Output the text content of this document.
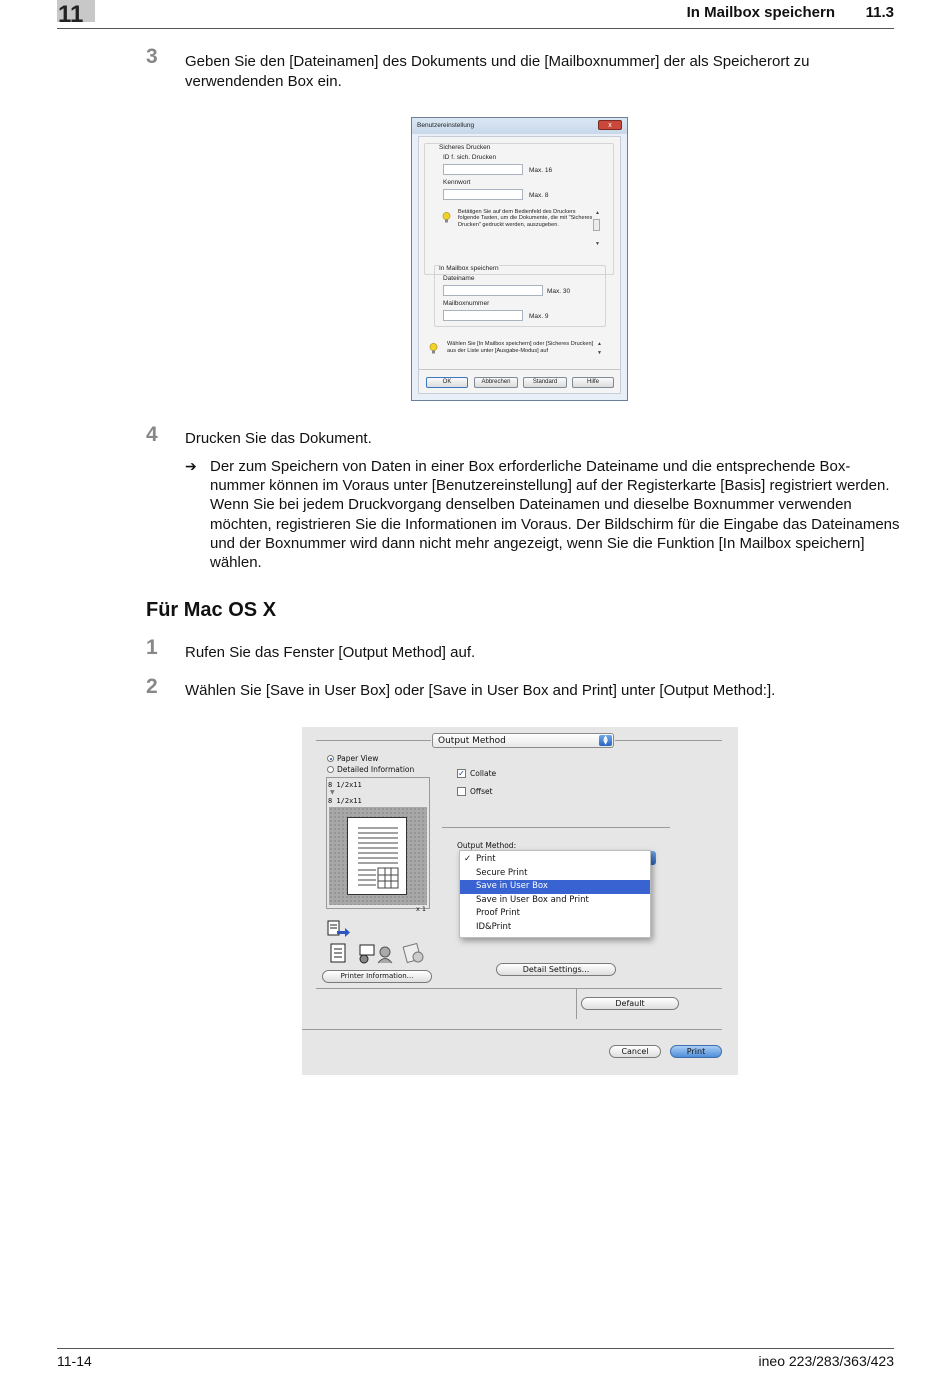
11	In Mailbox speichern 11.3
3 Geben Sie den [Dateinamen] des Dokuments und die [Mailboxnummer] der als Speicherort zu verwendenden Box ein.
Benutzereinstellung	x
Sicheres Drucken
ID f. sich. Drucken
Max. 16
Kennwort
Max. 8
Betätigen Sie auf dem Bedienfeld des Druckers folgende Tasten, um die Dokumente, die mit "Sicheres Drucken" gedruckt werden, auszugeben.
▲
▼
In Mailbox speichern
Dateiname
Max. 30
Mailboxnummer
Max. 9
Wählen Sie [In Mailbox speichern] oder [Sicheres Drucken] aus der Liste unter [Ausgabe-Modus] auf
▲
▼
OK	Abbrechen	Standard	Hilfe
4 Drucken Sie das Dokument.
➔ Der zum Speichern von Daten in einer Box erforderliche Dateiname und die entsprechende Box-nummer können im Voraus unter [Benutzereinstellung] auf der Registerkarte [Basis] registriert werden. Wenn Sie bei jedem Druckvorgang denselben Dateinamen und dieselbe Boxnummer verwenden möchten, registrieren Sie die Informationen im Voraus. Der Bildschirm für die Eingabe das Dateinamens und der Boxnummer wird dann nicht mehr angezeigt, wenn Sie die Funktion [In Mailbox speichern] wählen.
Für Mac OS X
1 Rufen Sie das Fenster [Output Method] auf.
2 Wählen Sie [Save in User Box] oder [Save in User Box and Print] unter [Output Method:].
Output Method	▲
▼
Paper View
Detailed Information
8 1/2x11
▼
8 1/2x11
x 1
Printer Information...
✓ Collate
Offset
Output Method:
✓ Print
Secure Print
Save in User Box
Save in User Box and Print
Proof Print
ID&Print
Detail Settings...
Default
Cancel	Print
11-14	ineo 223/283/363/423
